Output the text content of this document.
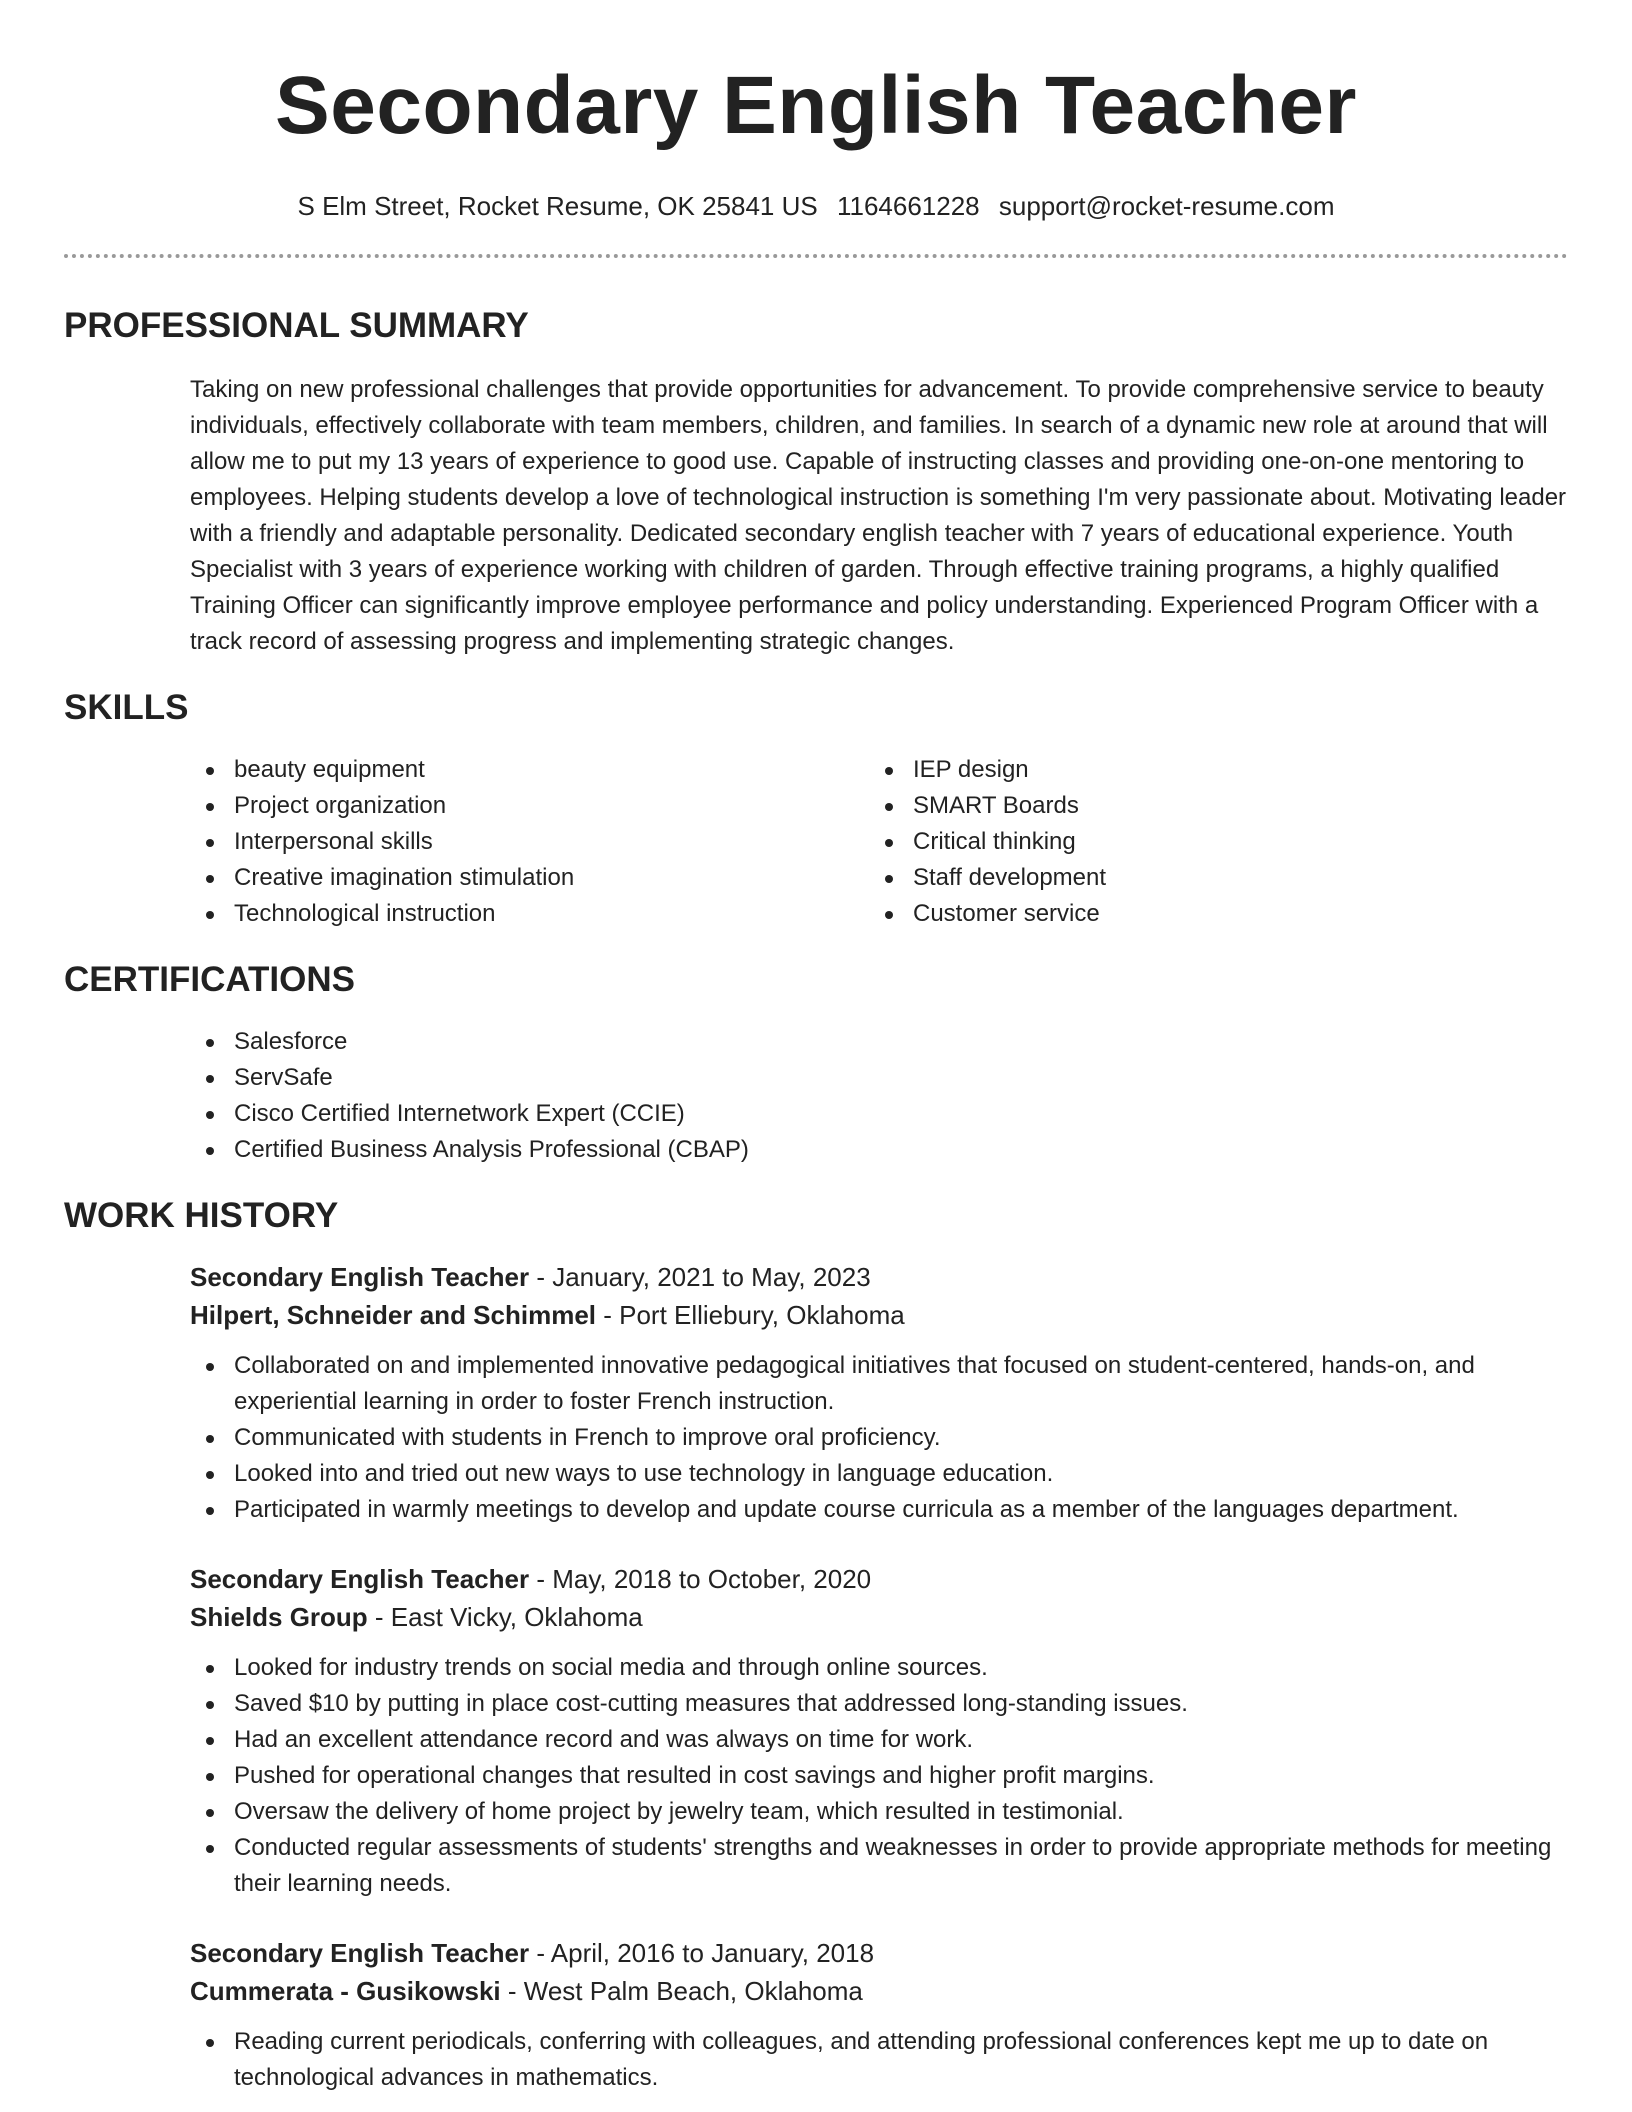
Secondary English Teacher
S Elm Street, Rocket Resume, OK 25841 US 1164661228 support@rocket-resume.com
PROFESSIONAL SUMMARY
Taking on new professional challenges that provide opportunities for advancement. To provide comprehensive service to beauty individuals, effectively collaborate with team members, children, and families. In search of a dynamic new role at around that will allow me to put my 13 years of experience to good use. Capable of instructing classes and providing one-on-one mentoring to employees. Helping students develop a love of technological instruction is something I'm very passionate about. Motivating leader with a friendly and adaptable personality. Dedicated secondary english teacher with 7 years of educational experience. Youth Specialist with 3 years of experience working with children of garden. Through effective training programs, a highly qualified Training Officer can significantly improve employee performance and policy understanding. Experienced Program Officer with a track record of assessing progress and implementing strategic changes.
SKILLS
beauty equipment
Project organization
Interpersonal skills
Creative imagination stimulation
Technological instruction
IEP design
SMART Boards
Critical thinking
Staff development
Customer service
CERTIFICATIONS
Salesforce
ServSafe
Cisco Certified Internetwork Expert (CCIE)
Certified Business Analysis Professional (CBAP)
WORK HISTORY
Secondary English Teacher - January, 2021 to May, 2023
Hilpert, Schneider and Schimmel - Port Elliebury, Oklahoma
Collaborated on and implemented innovative pedagogical initiatives that focused on student-centered, hands-on, and experiential learning in order to foster French instruction.
Communicated with students in French to improve oral proficiency.
Looked into and tried out new ways to use technology in language education.
Participated in warmly meetings to develop and update course curricula as a member of the languages department.
Secondary English Teacher - May, 2018 to October, 2020
Shields Group - East Vicky, Oklahoma
Looked for industry trends on social media and through online sources.
Saved $10 by putting in place cost-cutting measures that addressed long-standing issues.
Had an excellent attendance record and was always on time for work.
Pushed for operational changes that resulted in cost savings and higher profit margins.
Oversaw the delivery of home project by jewelry team, which resulted in testimonial.
Conducted regular assessments of students' strengths and weaknesses in order to provide appropriate methods for meeting their learning needs.
Secondary English Teacher - April, 2016 to January, 2018
Cummerata - Gusikowski - West Palm Beach, Oklahoma
Reading current periodicals, conferring with colleagues, and attending professional conferences kept me up to date on technological advances in mathematics.
